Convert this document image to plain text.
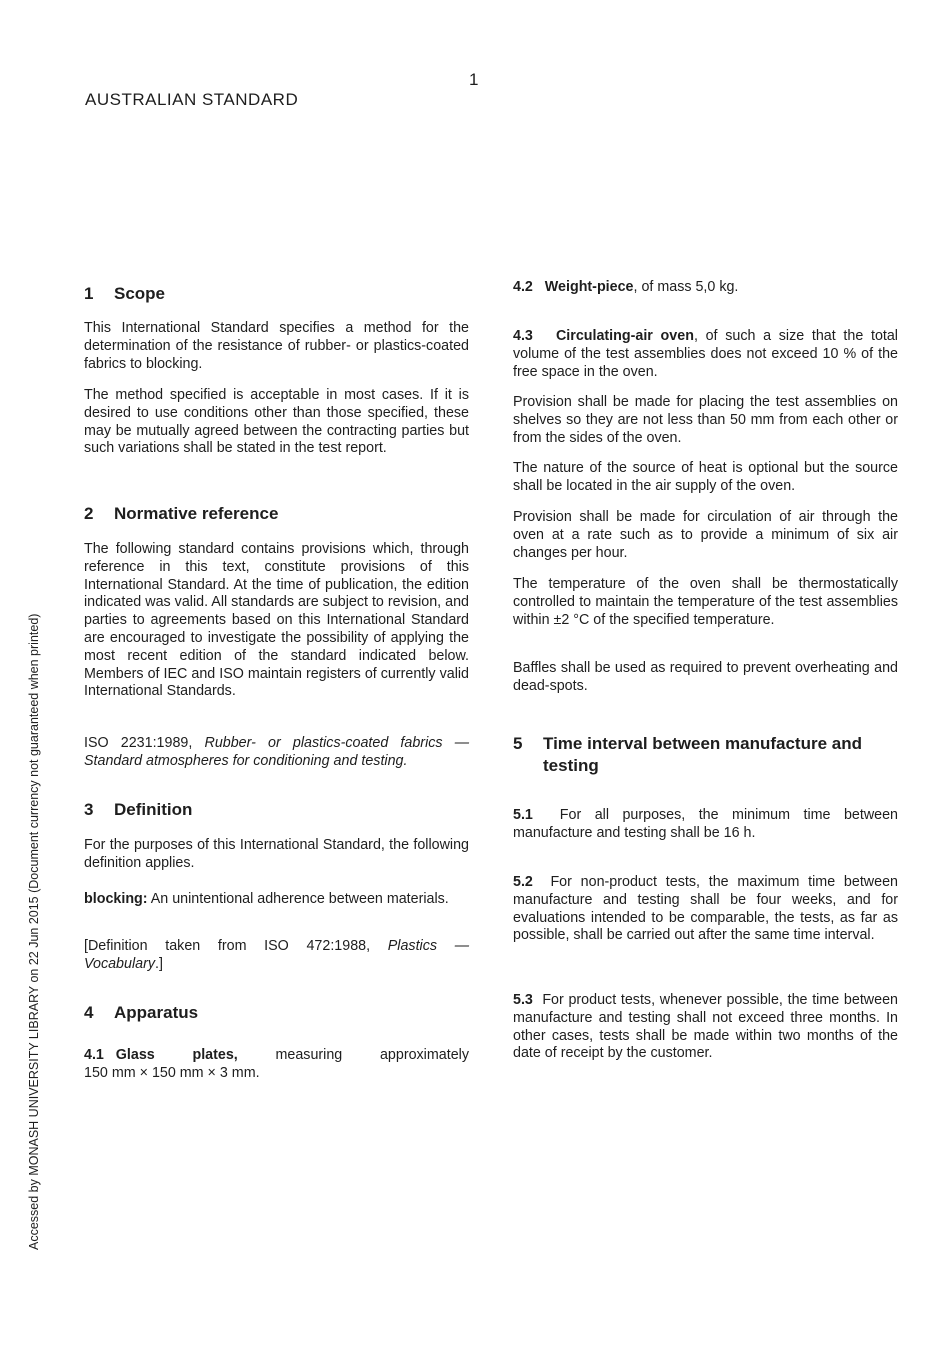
1
AUSTRALIAN STANDARD
Accessed by MONASH UNIVERSITY LIBRARY on 22 Jun 2015 (Document currency not guaranteed when printed)
1 Scope

This International Standard specifies a method for the determination of the resistance of rubber- or plastics-coated fabrics to blocking.

The method specified is acceptable in most cases. If it is desired to use conditions other than those specified, these may be mutually agreed between the contracting parties but such variations shall be stated in the test report.

2 Normative reference

The following standard contains provisions which, through reference in this text, constitute provisions of this International Standard. At the time of publication, the edition indicated was valid. All standards are subject to revision, and parties to agreements based on this International Standard are encouraged to investigate the possibility of applying the most recent edition of the standard indicated below. Members of IEC and ISO maintain registers of currently valid International Standards.

ISO 2231:1989, Rubber- or plastics-coated fabrics — Standard atmospheres for conditioning and testing.

3 Definition

For the purposes of this International Standard, the following definition applies.

blocking: An unintentional adherence between materials.

[Definition taken from ISO 472:1988, Plastics — Vocabulary.]

4 Apparatus
4.1 Glass	plates,	measuring	approximately
150 mm × 150 mm × 3 mm.

4.2 Weight-piece, of mass 5,0 kg.

4.3 Circulating-air oven, of such a size that the total volume of the test assemblies does not exceed 10 % of the free space in the oven.

Provision shall be made for placing the test assemblies on shelves so they are not less than 50 mm from each other or from the sides of the oven.

The nature of the source of heat is optional but the source shall be located in the air supply of the oven.

Provision shall be made for circulation of air through the oven at a rate such as to provide a minimum of six air changes per hour.

The temperature of the oven shall be thermostatically controlled to maintain the temperature of the test assemblies within ±2 °C of the specified temperature.

Baffles shall be used as required to prevent overheating and dead-spots.

5	Time interval between manufacture and testing

5.1 For all purposes, the minimum time between manufacture and testing shall be 16 h.

5.2 For non-product tests, the maximum time between manufacture and testing shall be four weeks, and for evaluations intended to be comparable, the tests, as far as possible, shall be carried out after the same time interval.

5.3 For product tests, whenever possible, the time between manufacture and testing shall not exceed three months. In other cases, tests shall be made within two months of the date of receipt by the customer.
